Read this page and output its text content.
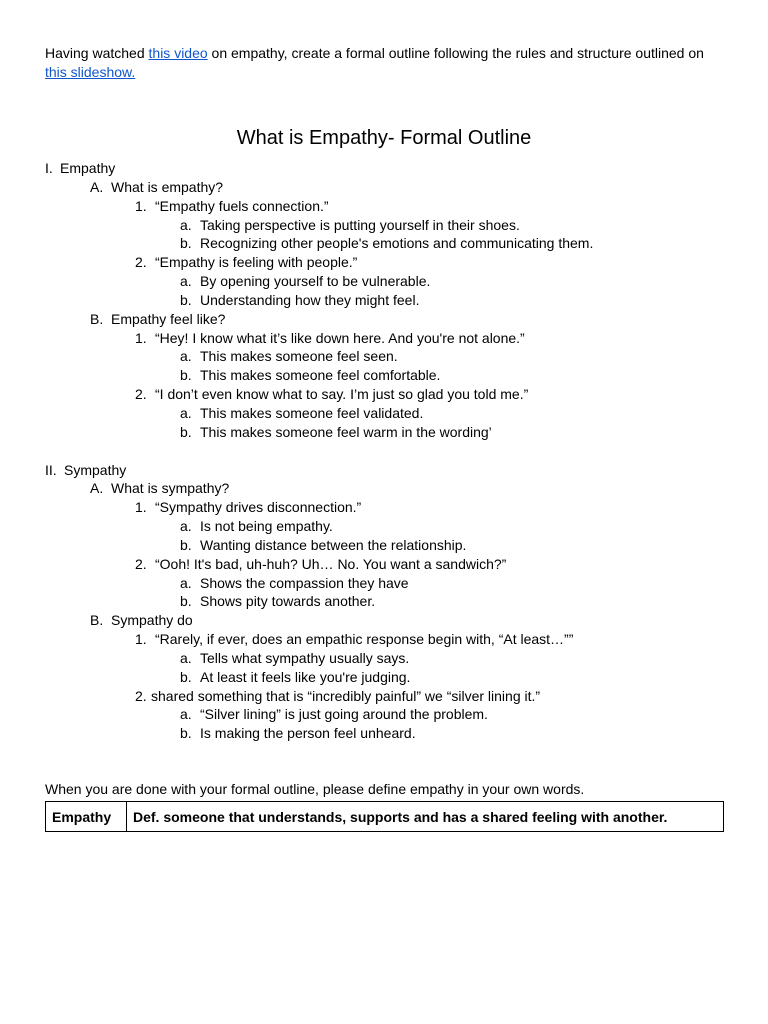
Having watched this video on empathy, create a formal outline following the rules and structure outlined on this slideshow.
What is Empathy- Formal Outline
I. Empathy
A. What is empathy?
1. “Empathy fuels connection.”
a. Taking perspective is putting yourself in their shoes.
b. Recognizing other people's emotions and communicating them.
2. “Empathy is feeling with people.”
a. By opening yourself to be vulnerable.
b. Understanding how they might feel.
B. Empathy feel like?
1. “Hey! I know what it’s like down here. And you're not alone.”
a. This makes someone feel seen.
b. This makes someone feel comfortable.
2. “I don’t even know what to say. I’m just so glad you told me.”
a. This makes someone feel validated.
b. This makes someone feel warm in the wording’
II. Sympathy
A. What is sympathy?
1. “Sympathy drives disconnection.”
a. Is not being empathy.
b. Wanting distance between the relationship.
2. “Ooh! It's bad, uh-huh? Uh… No. You want a sandwich?”
a. Shows the compassion they have
b. Shows pity towards another.
B. Sympathy do
1. “Rarely, if ever, does an empathic response begin with, “At least…””
a. Tells what sympathy usually says.
b. At least it feels like you're judging.
2. shared something that is “incredibly painful” we “silver lining it.”
a. “Silver lining” is just going around the problem.
b. Is making the person feel unheard.
When you are done with your formal outline, please define empathy in your own words.
Empathy	Def. someone that understands, supports and has a shared feeling with another.
